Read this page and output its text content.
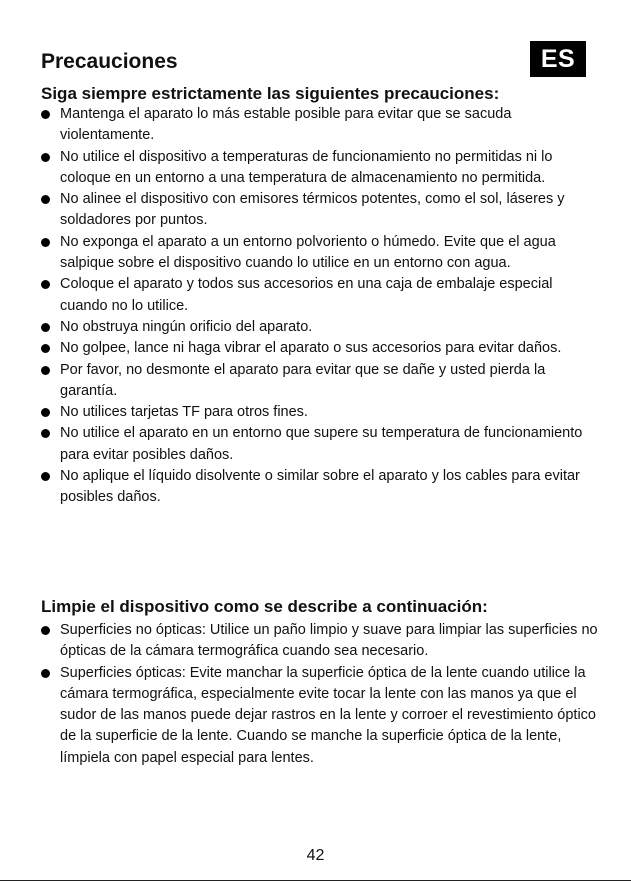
Precauciones	ES
Siga siempre estrictamente las siguientes precauciones:
Mantenga el aparato lo más estable posible para evitar que se sacuda violentamente.
No utilice el dispositivo a temperaturas de funcionamiento no permitidas ni lo coloque en un entorno a una temperatura de almacenamiento no permitida.
No alinee el dispositivo con emisores térmicos potentes, como el sol, láseres y soldadores por puntos.
No exponga el aparato a un entorno polvoriento o húmedo. Evite que el agua salpique sobre el dispositivo cuando lo utilice en un entorno con agua.
Coloque el aparato y todos sus accesorios en una caja de embalaje especial cuando no lo utilice.
No obstruya ningún orificio del aparato.
No golpee, lance ni haga vibrar el aparato o sus accesorios para evitar daños.
Por favor, no desmonte el aparato para evitar que se dañe y usted pierda la garantía.
No utilices tarjetas TF para otros fines.
No utilice el aparato en un entorno que supere su temperatura de funcionamiento para evitar posibles daños.
No aplique el líquido disolvente o similar sobre el aparato y los cables para evitar posibles daños.
Limpie el dispositivo como se describe a continuación:
Superficies no ópticas: Utilice un paño limpio y suave para limpiar las superficies no ópticas de la cámara termográfica cuando sea necesario.
Superficies ópticas: Evite manchar la superficie óptica de la lente cuando utilice la cámara termográfica, especialmente evite tocar la lente con las manos ya que el sudor de las manos puede dejar rastros en la lente y corroer el revestimiento óptico de la superficie de la lente. Cuando se manche la superficie óptica de la lente, límpiela con papel especial para lentes.
42
